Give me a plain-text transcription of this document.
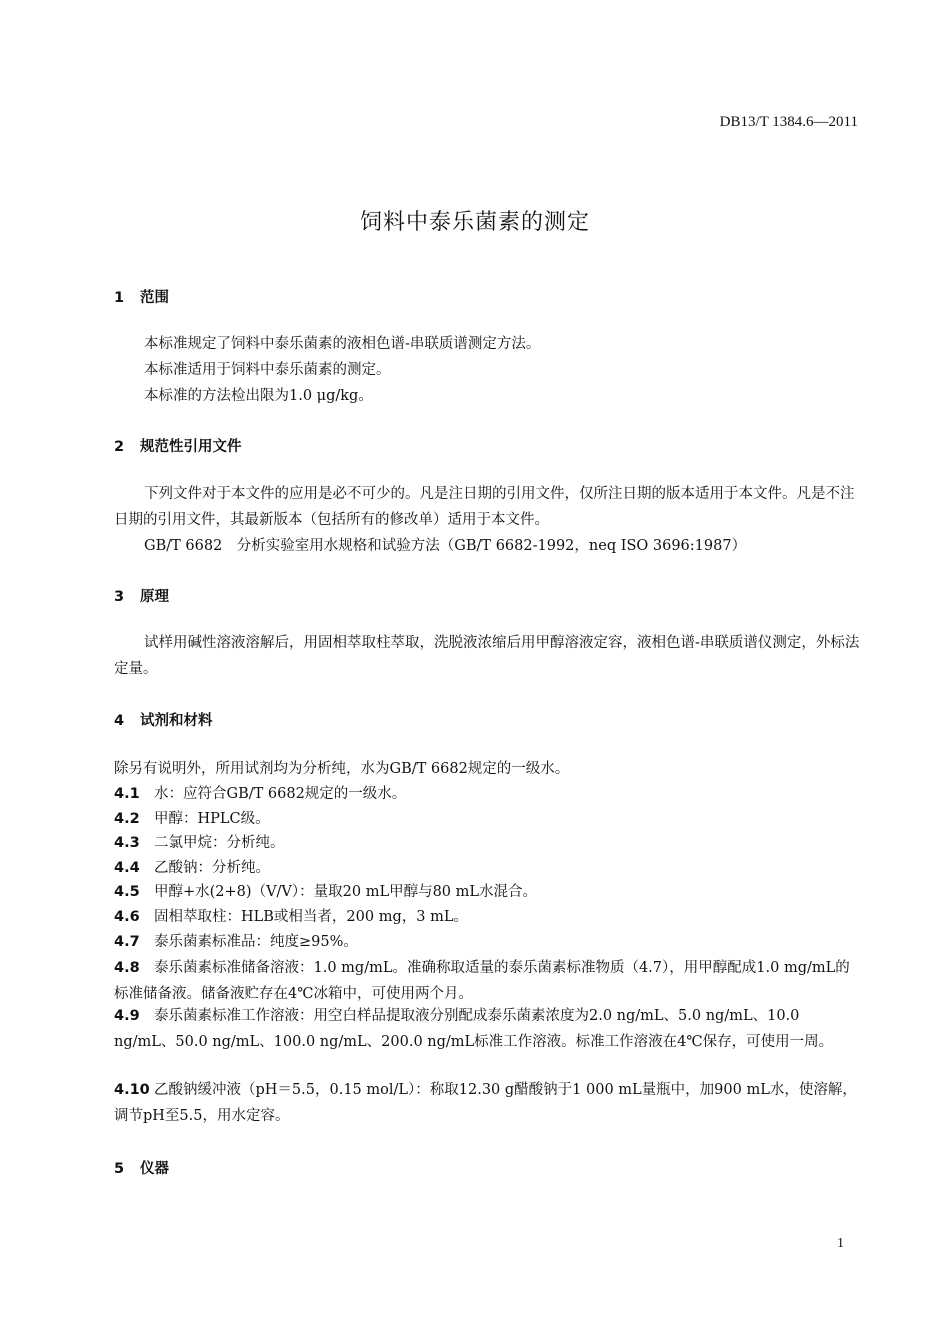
DB13/T 1384.6—2011
饲料中泰乐菌素的测定
1 范围

本标准规定了饲料中泰乐菌素的液相色谱-串联质谱测定方法。

本标准适用于饲料中泰乐菌素的测定。

本标准的方法检出限为1.0 μg/kg。

2 规范性引用文件

下列文件对于本文件的应用是必不可少的。凡是注日期的引用文件，仅所注日期的版本适用于本文件。凡是不注日期的引用文件，其最新版本（包括所有的修改单）适用于本文件。

GB/T 6682　分析实验室用水规格和试验方法（GB/T 6682-1992，neq ISO 3696:1987）

3 原理

试样用碱性溶液溶解后，用固相萃取柱萃取，洗脱液浓缩后用甲醇溶液定容，液相色谱-串联质谱仪测定，外标法定量。

4 试剂和材料

除另有说明外，所用试剂均为分析纯，水为GB/T 6682规定的一级水。

4.1 水：应符合GB/T 6682规定的一级水。
4.2 甲醇：HPLC级。
4.3 二氯甲烷：分析纯。
4.4 乙酸钠：分析纯。
4.5 甲醇+水(2+8)（V/V）：量取20 mL甲醇与80 mL水混合。
4.6 固相萃取柱：HLB或相当者，200 mg，3 mL。
4.7 泰乐菌素标准品：纯度≥95%。
4.8 泰乐菌素标准储备溶液：1.0 mg/mL。准确称取适量的泰乐菌素标准物质（4.7），用甲醇配成1.0 mg/mL的标准储备液。储备液贮存在4℃冰箱中，可使用两个月。
4.9 泰乐菌素标准工作溶液：用空白样品提取液分别配成泰乐菌素浓度为2.0 ng/mL、5.0 ng/mL、10.0 ng/mL、50.0 ng/mL、100.0 ng/mL、200.0 ng/mL标准工作溶液。标准工作溶液在4℃保存，可使用一周。
4.10 乙酸钠缓冲液（pH＝5.5，0.15 mol/L）：称取12.30 g醋酸钠于1 000 mL量瓶中，加900 mL水，使溶解，调节pH至5.5，用水定容。
5 仪器
1
